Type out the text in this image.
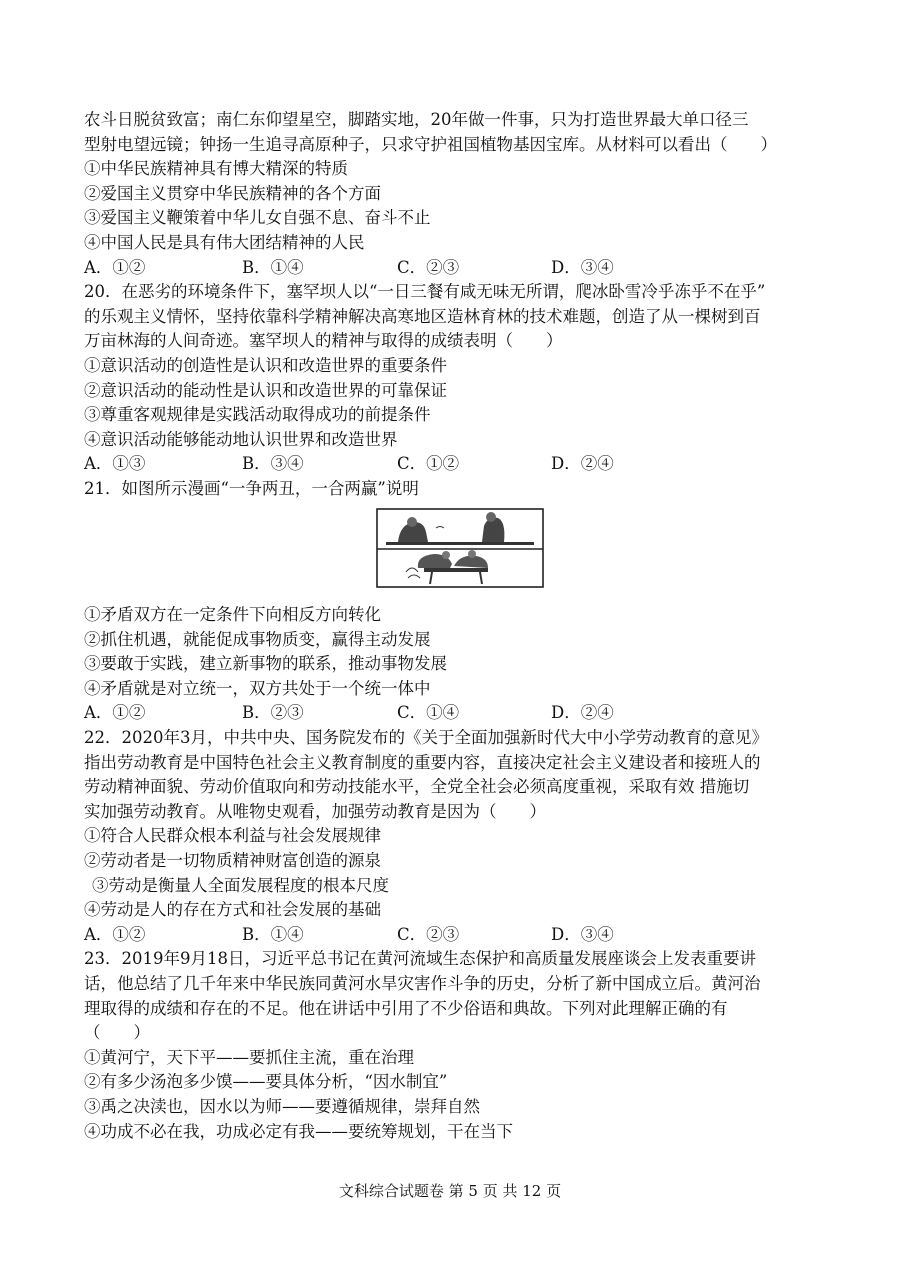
农斗日脱贫致富；南仁东仰望星空，脚踏实地，20年做一件事，只为打造世界最大单口径三
型射电望远镜；钟扬一生追寻高原种子，只求守护祖国植物基因宝库。从材料可以看出（　　）
①中华民族精神具有博大精深的特质
②爱国主义贯穿中华民族精神的各个方面
③爱国主义鞭策着中华儿女自强不息、奋斗不止
④中国人民是具有伟大团结精神的人民
A．①②	B．①④	C．②③	D．③④
20．在恶劣的环境条件下，塞罕坝人以“一日三餐有咸无味无所谓，爬冰卧雪冷乎冻乎不在乎”
的乐观主义情怀，坚持依靠科学精神解决高寒地区造林育林的技术难题，创造了从一棵树到百
万亩林海的人间奇迹。塞罕坝人的精神与取得的成绩表明（　　）
①意识活动的创造性是认识和改造世界的重要条件
②意识活动的能动性是认识和改造世界的可靠保证
③尊重客观规律是实践活动取得成功的前提条件
④意识活动能够能动地认识世界和改造世界
A．①③	B．③④	C．①②	D．②④
21．如图所示漫画“一争两丑，一合两赢”说明
①矛盾双方在一定条件下向相反方向转化
②抓住机遇，就能促成事物质变，赢得主动发展
③要敢于实践，建立新事物的联系，推动事物发展
④矛盾就是对立统一，双方共处于一个统一体中
A．①②	B．②③	C．①④	D．②④
22．2020年3月，中共中央、国务院发布的《关于全面加强新时代大中小学劳动教育的意见》
指出劳动教育是中国特色社会主义教育制度的重要内容，直接决定社会主义建设者和接班人的
劳动精神面貌、劳动价值取向和劳动技能水平，全党全社会必须高度重视，采取有效 措施切
实加强劳动教育。从唯物史观看，加强劳动教育是因为（　　）
①符合人民群众根本利益与社会发展规律
②劳动者是一切物质精神财富创造的源泉
③劳动是衡量人全面发展程度的根本尺度
④劳动是人的存在方式和社会发展的基础
A．①②	B．①④	C．②③	D．③④
23．2019年9月18日，习近平总书记在黄河流域生态保护和高质量发展座谈会上发表重要讲
话，他总结了几千年来中华民族同黄河水旱灾害作斗争的历史，分析了新中国成立后。黄河治
理取得的成绩和存在的不足。他在讲话中引用了不少俗语和典故。下列对此理解正确的有
（　　）
①黄河宁，天下平——要抓住主流，重在治理
②有多少汤泡多少馍——要具体分析，“因水制宜”
③禹之决渎也，因水以为师——要遵循规律，崇拜自然
④功成不必在我，功成必定有我——要统筹规划，干在当下
文科综合试题卷 第 5 页 共 12 页
